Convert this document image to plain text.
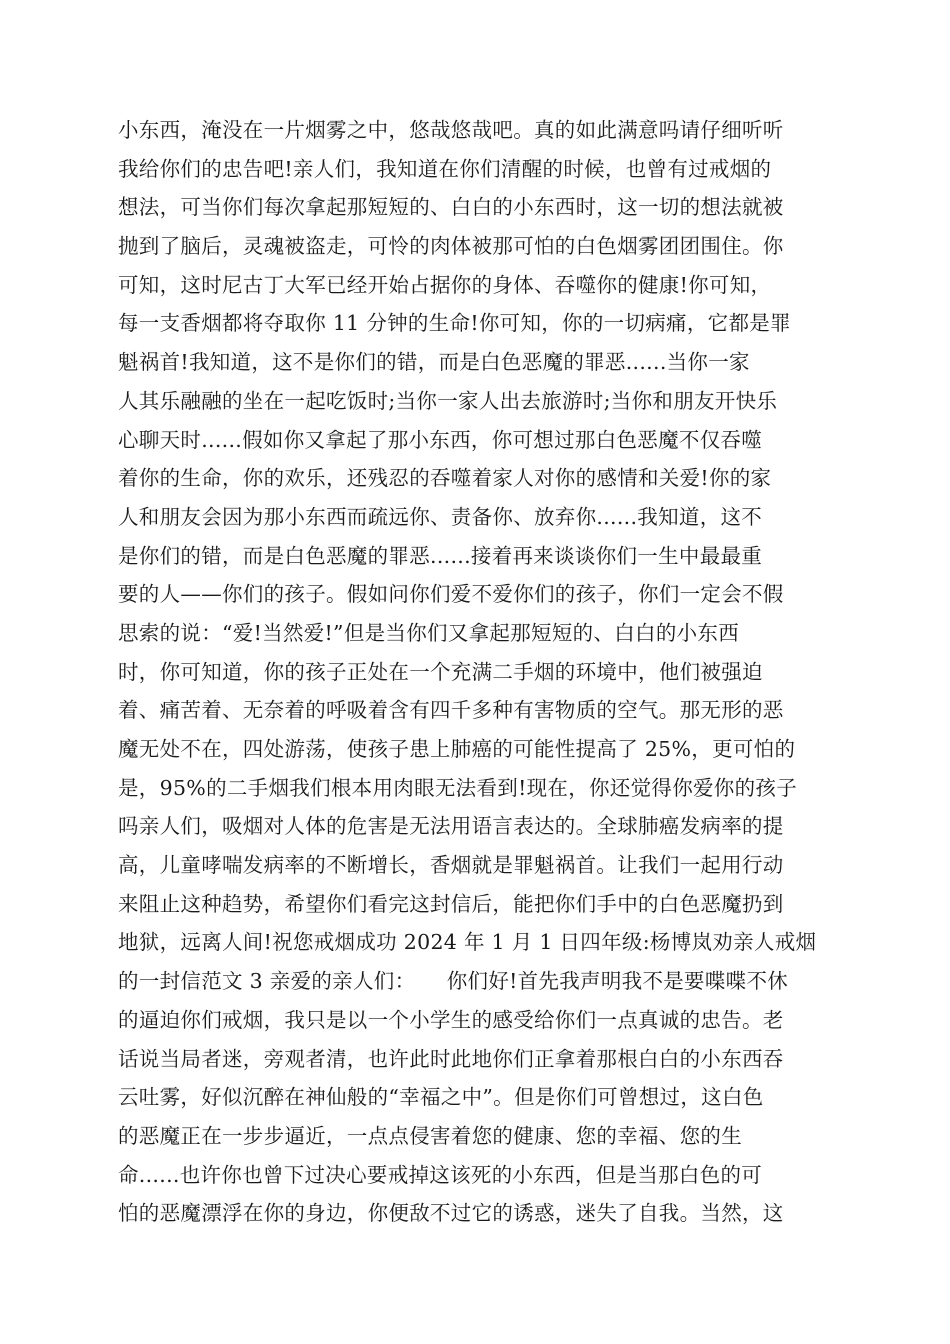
小东西，淹没在一片烟雾之中，悠哉悠哉吧。真的如此满意吗请仔细听听
我给你们的忠告吧!亲人们，我知道在你们清醒的时候，也曾有过戒烟的
想法，可当你们每次拿起那短短的、白白的小东西时，这一切的想法就被
抛到了脑后，灵魂被盗走，可怜的肉体被那可怕的白色烟雾团团围住。你
可知，这时尼古丁大军已经开始占据你的身体、吞噬你的健康!你可知，
每一支香烟都将夺取你 11 分钟的生命!你可知，你的一切病痛，它都是罪
魁祸首!我知道，这不是你们的错，而是白色恶魔的罪恶......当你一家
人其乐融融的坐在一起吃饭时;当你一家人出去旅游时;当你和朋友开快乐
心聊天时......假如你又拿起了那小东西，你可想过那白色恶魔不仅吞噬
着你的生命，你的欢乐，还残忍的吞噬着家人对你的感情和关爱!你的家
人和朋友会因为那小东西而疏远你、责备你、放弃你......我知道，这不
是你们的错，而是白色恶魔的罪恶......接着再来谈谈你们一生中最最重
要的人——你们的孩子。假如问你们爱不爱你们的孩子，你们一定会不假
思索的说：“爱!当然爱!”但是当你们又拿起那短短的、白白的小东西
时，你可知道，你的孩子正处在一个充满二手烟的环境中，他们被强迫
着、痛苦着、无奈着的呼吸着含有四千多种有害物质的空气。那无形的恶
魔无处不在，四处游荡，使孩子患上肺癌的可能性提高了 25%，更可怕的
是，95%的二手烟我们根本用肉眼无法看到!现在，你还觉得你爱你的孩子
吗亲人们，吸烟对人体的危害是无法用语言表达的。全球肺癌发病率的提
高，儿童哮喘发病率的不断增长，香烟就是罪魁祸首。让我们一起用行动
来阻止这种趋势，希望你们看完这封信后，能把你们手中的白色恶魔扔到
地狱，远离人间!祝您戒烟成功 2024 年 1 月 1 日四年级:杨博岚劝亲人戒烟
的一封信范文 3 亲爱的亲人们：　　你们好!首先我声明我不是要喋喋不休
的逼迫你们戒烟，我只是以一个小学生的感受给你们一点真诚的忠告。老
话说当局者迷，旁观者清，也许此时此地你们正拿着那根白白的小东西吞
云吐雾，好似沉醉在神仙般的“幸福之中”。但是你们可曾想过，这白色
的恶魔正在一步步逼近，一点点侵害着您的健康、您的幸福、您的生
命......也许你也曾下过决心要戒掉这该死的小东西，但是当那白色的可
怕的恶魔漂浮在你的身边，你便敌不过它的诱惑，迷失了自我。当然，这
